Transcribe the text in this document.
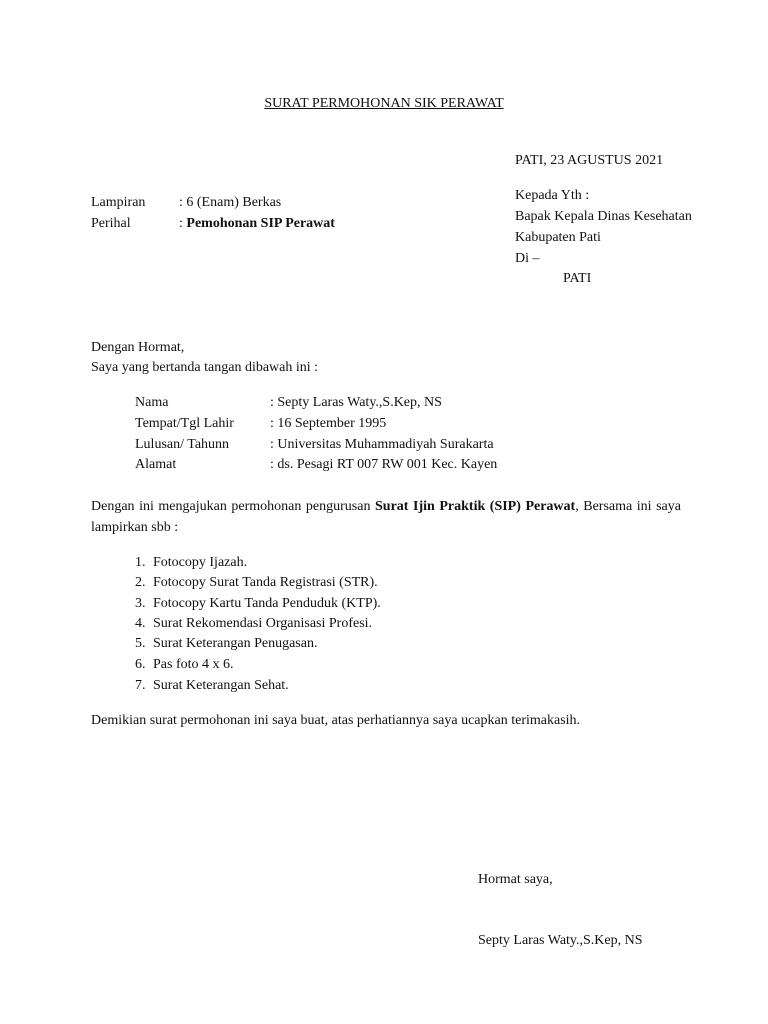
SURAT PERMOHONAN SIK PERAWAT
PATI, 23 AGUSTUS 2021
Lampiran : 6 (Enam) Berkas
Perihal	: Pemohonan SIP Perawat
Kepada Yth :
Bapak Kepala Dinas Kesehatan
Kabupaten Pati
Di –
PATI
Dengan Hormat,
Saya yang bertanda tangan dibawah ini :
Nama	: Septy Laras Waty.,S.Kep, NS
Tempat/Tgl Lahir	: 16 September 1995
Lulusan/ Tahunn	: Universitas Muhammadiyah Surakarta
Alamat	: ds. Pesagi RT 007 RW 001 Kec. Kayen
Dengan ini mengajukan permohonan pengurusan Surat Ijin Praktik (SIP) Perawat, Bersama ini saya lampirkan sbb :
1. Fotocopy Ijazah.
2. Fotocopy Surat Tanda Registrasi (STR).
3. Fotocopy Kartu Tanda Penduduk (KTP).
4. Surat Rekomendasi Organisasi Profesi.
5. Surat Keterangan Penugasan.
6. Pas foto 4 x 6.
7. Surat Keterangan Sehat.
Demikian surat permohonan ini saya buat, atas perhatiannya saya ucapkan terimakasih.
Hormat saya,
Septy Laras Waty.,S.Kep, NS
